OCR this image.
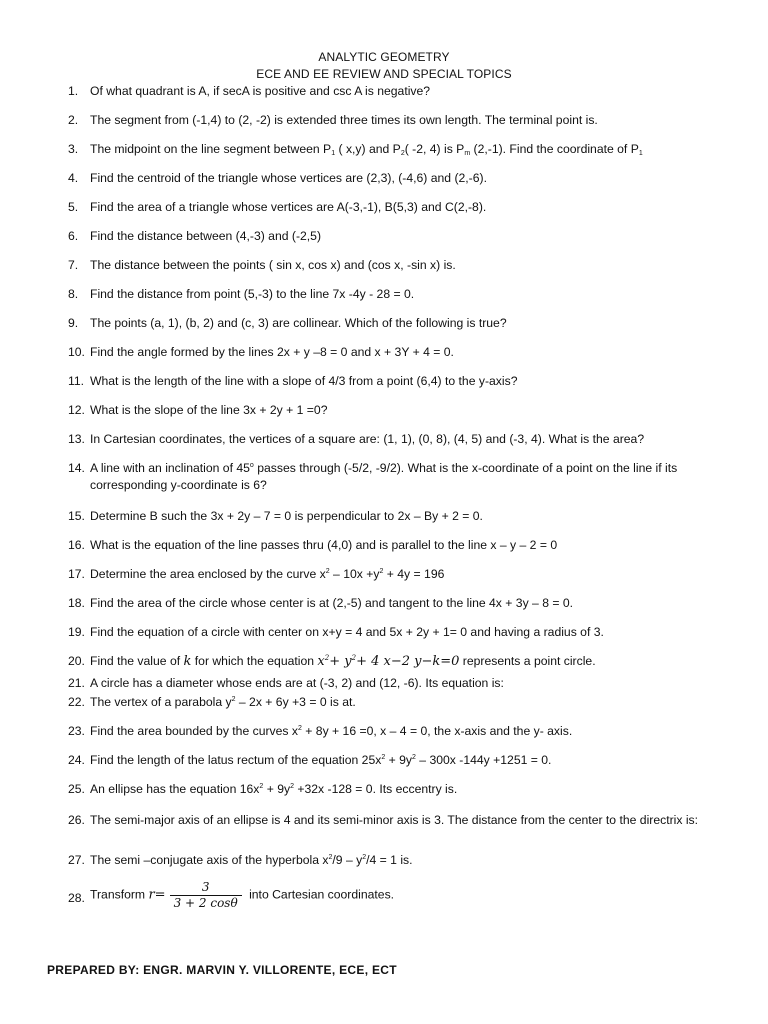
ANALYTIC GEOMETRY
ECE AND EE REVIEW AND SPECIAL TOPICS
1. Of what quadrant is A, if secA is positive and csc A is negative?
2. The segment from (-1,4) to (2, -2) is extended three times its own length. The terminal point is.
3. The midpoint on the line segment between $P_1$ ( x,y) and $P_2$( -2, 4) is $P_m$ (2,-1). Find the coordinate of $P_1$
4. Find the centroid of the triangle whose vertices are (2,3), (-4,6) and (2,-6).
5. Find the area of a triangle whose vertices are A(-3,-1), B(5,3) and C(2,-8).
6. Find the distance between (4,-3) and (-2,5)
7. The distance between the points ( sin x, cos x) and (cos x, -sin x) is.
8. Find the distance from point (5,-3) to the line 7x -4y - 28 = 0.
9. The points (a, 1), (b, 2) and (c, 3) are collinear. Which of the following is true?
10. Find the angle formed by the lines 2x + y –8 = 0 and x + 3Y + 4 = 0.
11. What is the length of the line with a slope of 4/3 from a point (6,4) to the y-axis?
12. What is the slope of the line 3x + 2y + 1 =0?
13. In Cartesian coordinates, the vertices of a square are: (1, 1), (0, 8), (4, 5) and (-3, 4). What is the area?
14. A line with an inclination of 45$^o$ passes through (-5/2, -9/2). What is the x-coordinate of a point on the line if its corresponding y-coordinate is 6?
15. Determine B such the 3x + 2y – 7 = 0 is perpendicular to 2x – By + 2 = 0.
16. What is the equation of the line passes thru (4,0) and is parallel to the line x – y – 2 = 0
17. Determine the area enclosed by the curve $x^2 - 10x +y^2 + 4y = 196$
18. Find the area of the circle whose center is at (2,-5) and tangent to the line 4x + 3y – 8 = 0.
19. Find the equation of a circle with center on x+y = 4 and 5x + 2y + 1= 0 and having a radius of 3.
20. Find the value of k for which the equation $x^2+ y^2+ 4$ x−2 y−k=0 represents a point circle.
21. A circle has a diameter whose ends are at (-3, 2) and (12, -6). Its equation is:
22. The vertex of a parabola $y^2 - 2x + 6y +3 = 0$ is at.
23. Find the area bounded by the curves $x^2 + 8y + 16 =0$, x – 4 = 0, the x-axis and the y- axis.
24. Find the length of the latus rectum of the equation $25x^2 + 9y^2 - 300x$ -144y +1251 = 0.
25. An ellipse has the equation $16x^2 + 9y^2 +32x$ -128 = 0. Its eccentry is.
26. The semi-major axis of an ellipse is 4 and its semi-minor axis is 3. The distance from the center to the directrix is:
27. The semi –conjugate axis of the hyperbola $x^2/9 - y^2/4 = 1$ is.
28. Transform $r= \frac{3}{3 + 2 \cos\theta}$ into Cartesian coordinates.
PREPARED BY: ENGR. MARVIN Y. VILLORENTE, ECE, ECT
